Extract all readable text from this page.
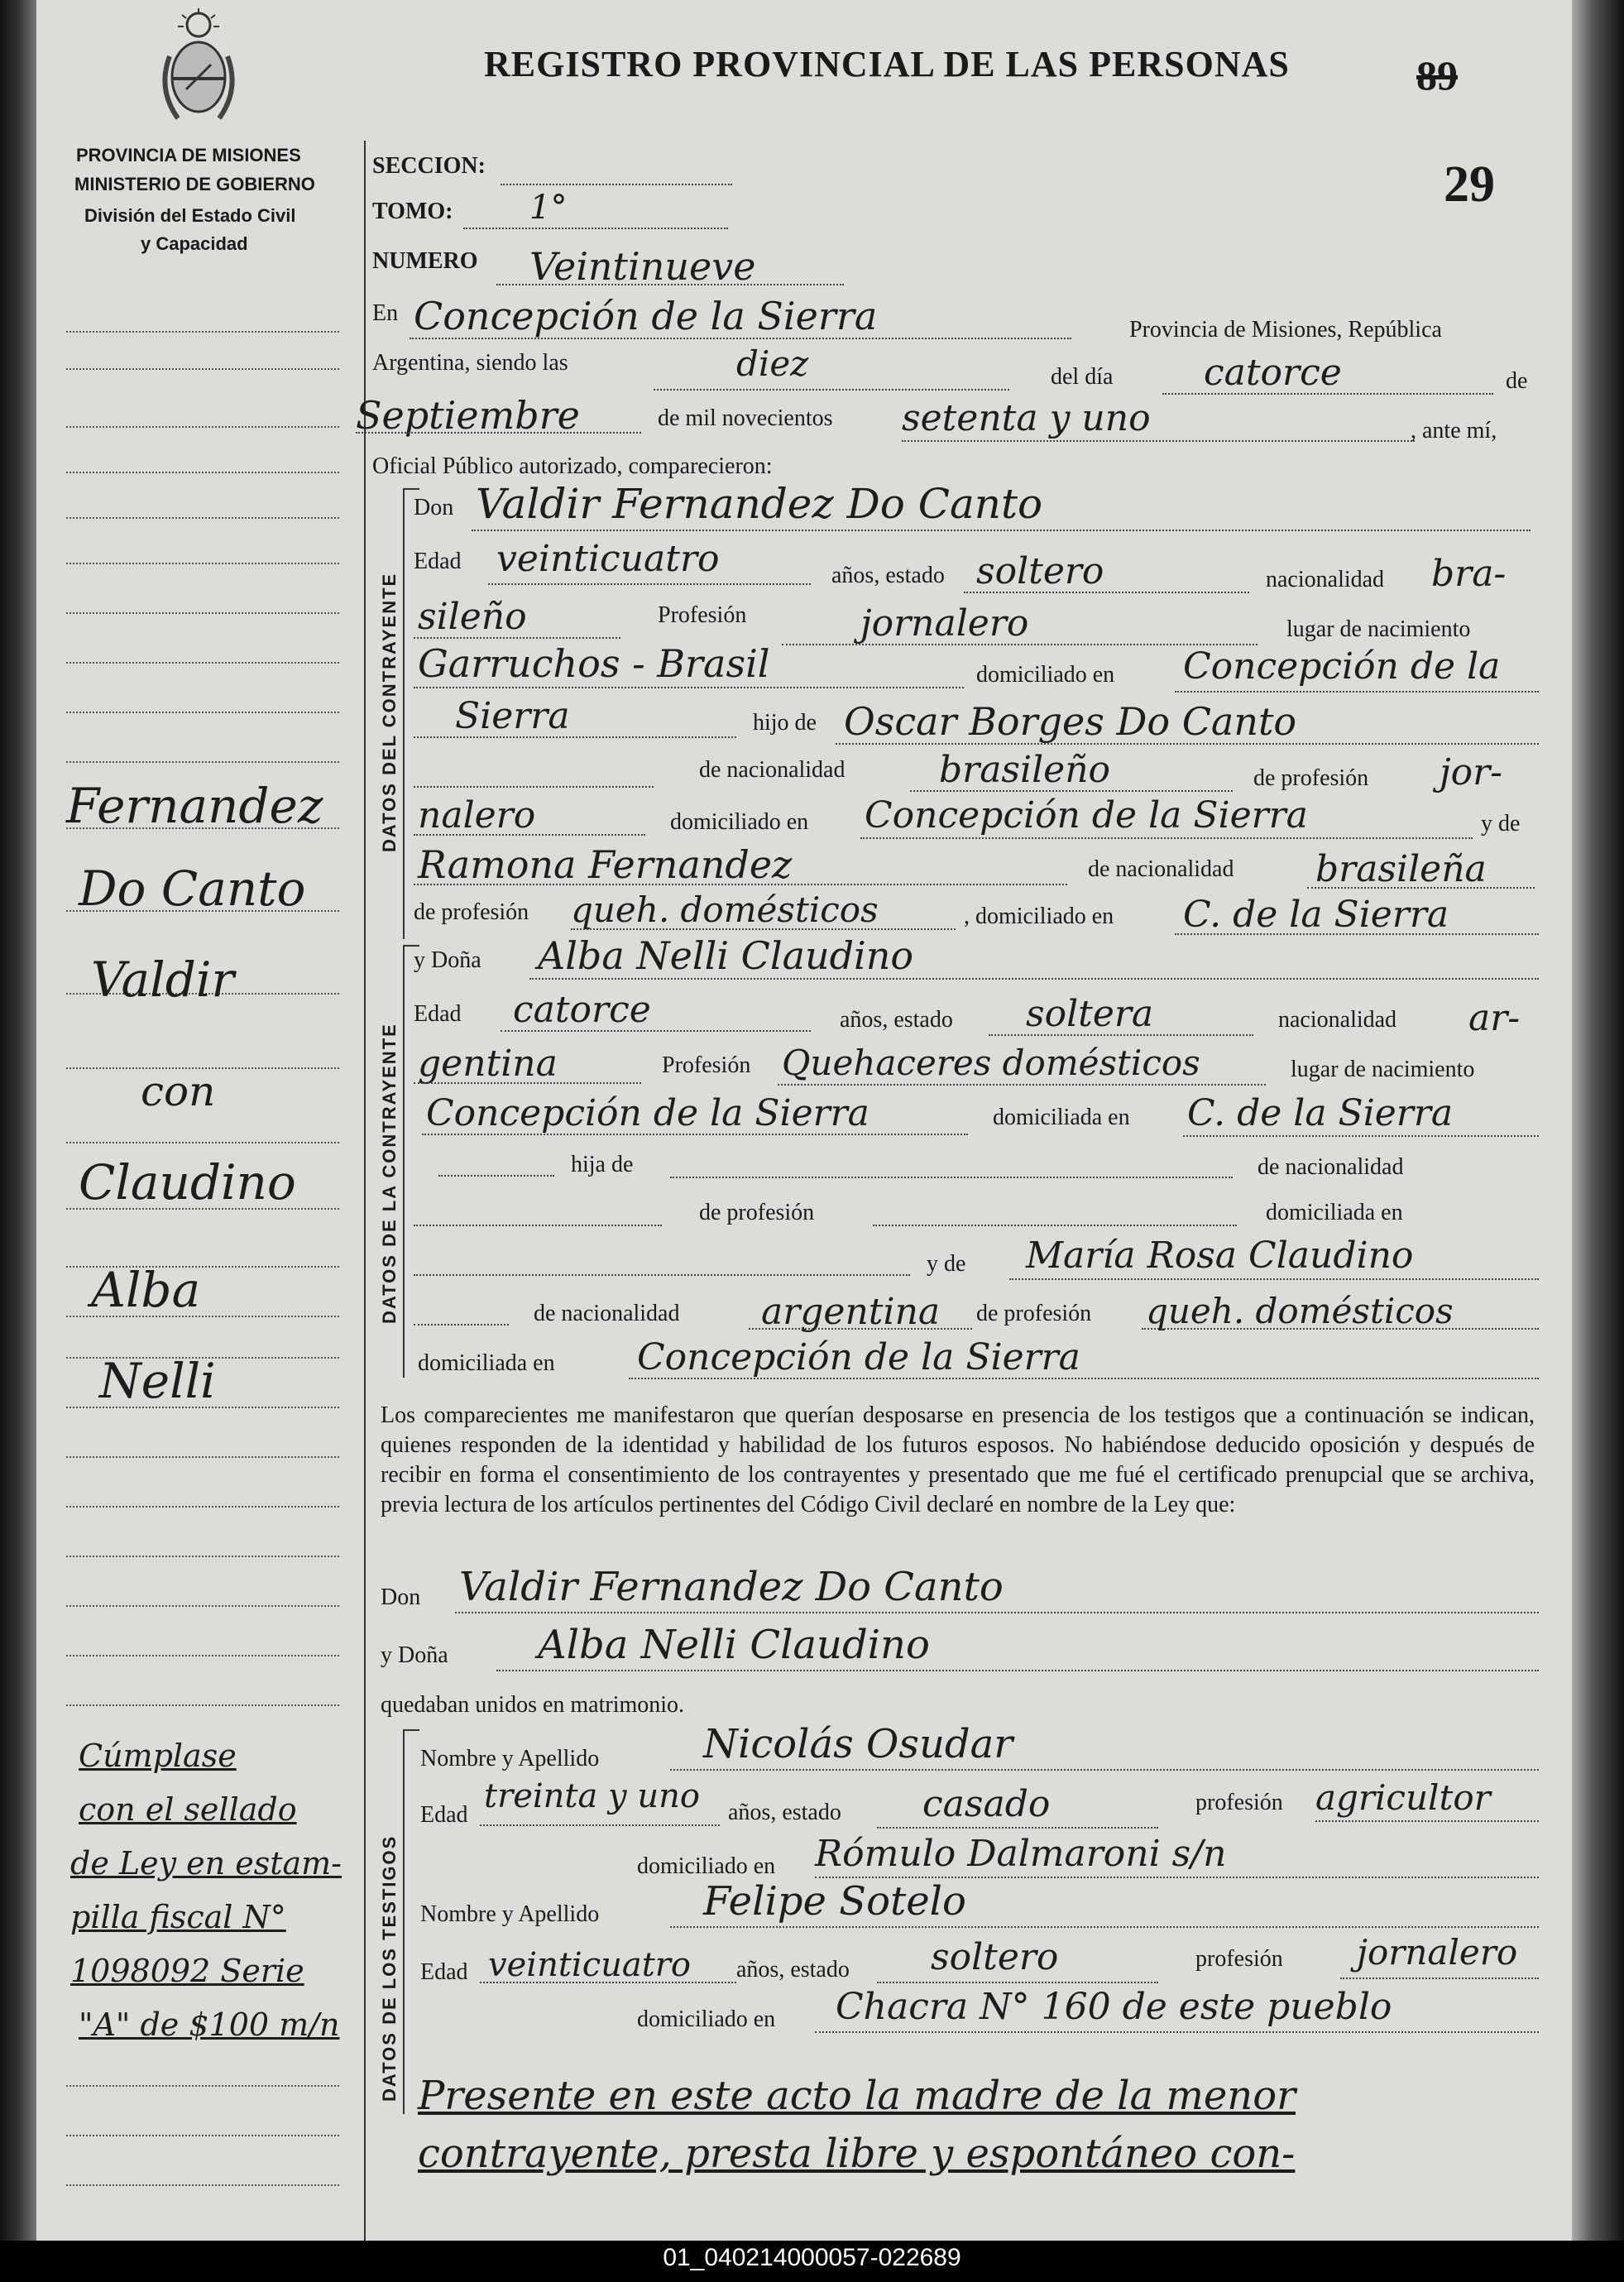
REGISTRO PROVINCIAL DE LAS PERSONAS	89
29
PROVINCIA DE MISIONES
MINISTERIO DE GOBIERNO
División del Estado Civil
y Capacidad
Fernandez
Do Canto
Valdir
con
Claudino
Alba
Nelli
Cúmplase
con el sellado
de Ley en estam-
pilla fiscal N°
1098092 Serie
"A" de $100 m/n
SECCION:
TOMO: 1°
NUMERO Veintinueve
En Concepción de la Sierra	Provincia de Misiones, República
Argentina, siendo las	diez	del día catorce	de
Septiembre	de mil novecientos setenta y uno	, ante mí,
Oficial Público autorizado, comparecieron:
DATOS DEL CONTRAYENTE
Don Valdir Fernandez Do Canto
Edad veinticuatro	años, estado soltero	nacionalidad bra-
sileño	Profesión	jornalero	lugar de nacimiento
Garruchos - Brasil	domiciliado en Concepción de la
Sierra	hijo de Oscar Borges Do Canto
de nacionalidad	brasileño	de profesión jor-
nalero	domiciliado en Concepción de la Sierra	y de
Ramona Fernandez	de nacionalidad brasileña
de profesión queh. domésticos	, domiciliado en C. de la Sierra
DATOS DE LA CONTRAYENTE
y Doña Alba Nelli Claudino
Edad catorce	años, estado soltera	nacionalidad ar-
gentina	Profesión Quehaceres domésticos	lugar de nacimiento
Concepción de la Sierra	domiciliada en C. de la Sierra
hija de	de nacionalidad
de profesión	domiciliada en
y de María Rosa Claudino
de nacionalidad argentina de profesión queh. domésticos
domiciliada en Concepción de la Sierra
Los comparecientes me manifestaron que querían desposarse en presencia de los testigos que a continuación se indican, quienes responden de la identidad y habilidad de los futuros esposos. No habiéndose deducido oposición y después de recibir en forma el consentimiento de los contrayentes y presentado que me fué el certificado prenupcial que se archiva, previa lectura de los artículos pertinentes del Código Civil declaré en nombre de la Ley que:
Don Valdir Fernandez Do Canto
y Doña Alba Nelli Claudino
quedaban unidos en matrimonio.
DATOS DE LOS TESTIGOS
Nombre y Apellido	Nicolás Osudar
Edad treinta y uno años, estado casado	profesión agricultor
domiciliado en Rómulo Dalmaroni s/n
Nombre y Apellido	Felipe Sotelo
Edad veinticuatro años, estado soltero	profesión jornalero
domiciliado en Chacra N° 160 de este pueblo
Presente en este acto la madre de la menor
contrayente, presta libre y espontáneo con-
01_040214000057-022689
